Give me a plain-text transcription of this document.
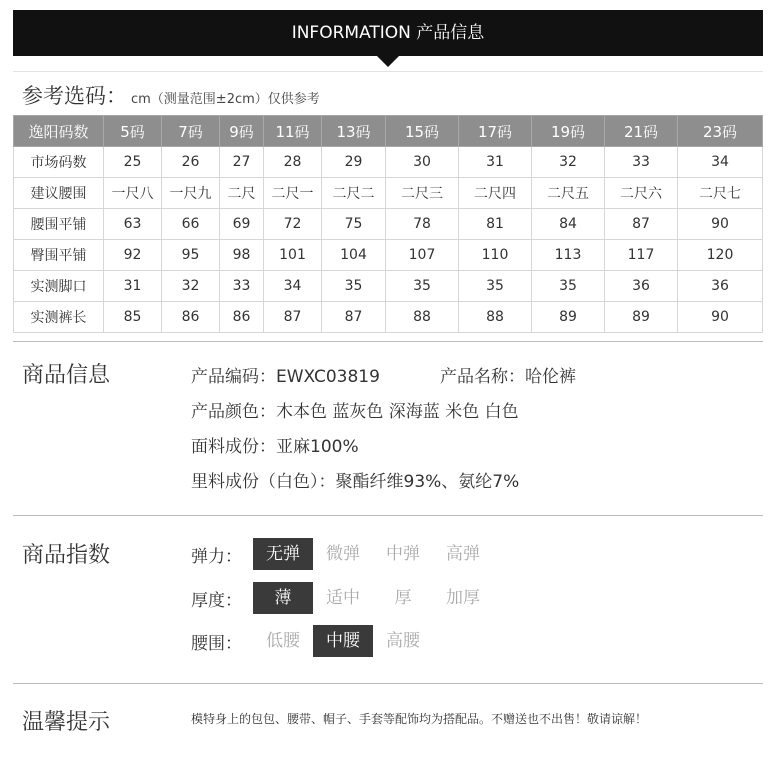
INFORMATION 产品信息
参考选码： cm（测量范围±2cm）仅供参考
逸阳码数	5码	7码	9码	11码	13码	15码	17码	19码	21码	23码
市场码数	25	26	27	28	29	30	31	32	33	34
建议腰围	一尺八	一尺九	二尺	二尺一	二尺二	二尺三	二尺四	二尺五	二尺六	二尺七
腰围平铺	63	66	69	72	75	78	81	84	87	90
臀围平铺	92	95	98	101	104	107	110	113	117	120
实测脚口	31	32	33	34	35	35	35	35	36	36
实测裤长	85	86	86	87	87	88	88	89	89	90
商品信息	产品编码：EWXC03819	产品名称：哈伦裤
产品颜色：木本色 蓝灰色 深海蓝 米色 白色
面料成份：亚麻100%
里料成份（白色）：聚酯纤维93%、氨纶7%
商品指数	弹力：	无弹	微弹	中弹	高弹
厚度：	薄	适中	厚	加厚
腰围：	低腰	中腰	高腰
温馨提示	模特身上的包包、腰带、帽子、手套等配饰均为搭配品。不赠送也不出售！敬请谅解！
